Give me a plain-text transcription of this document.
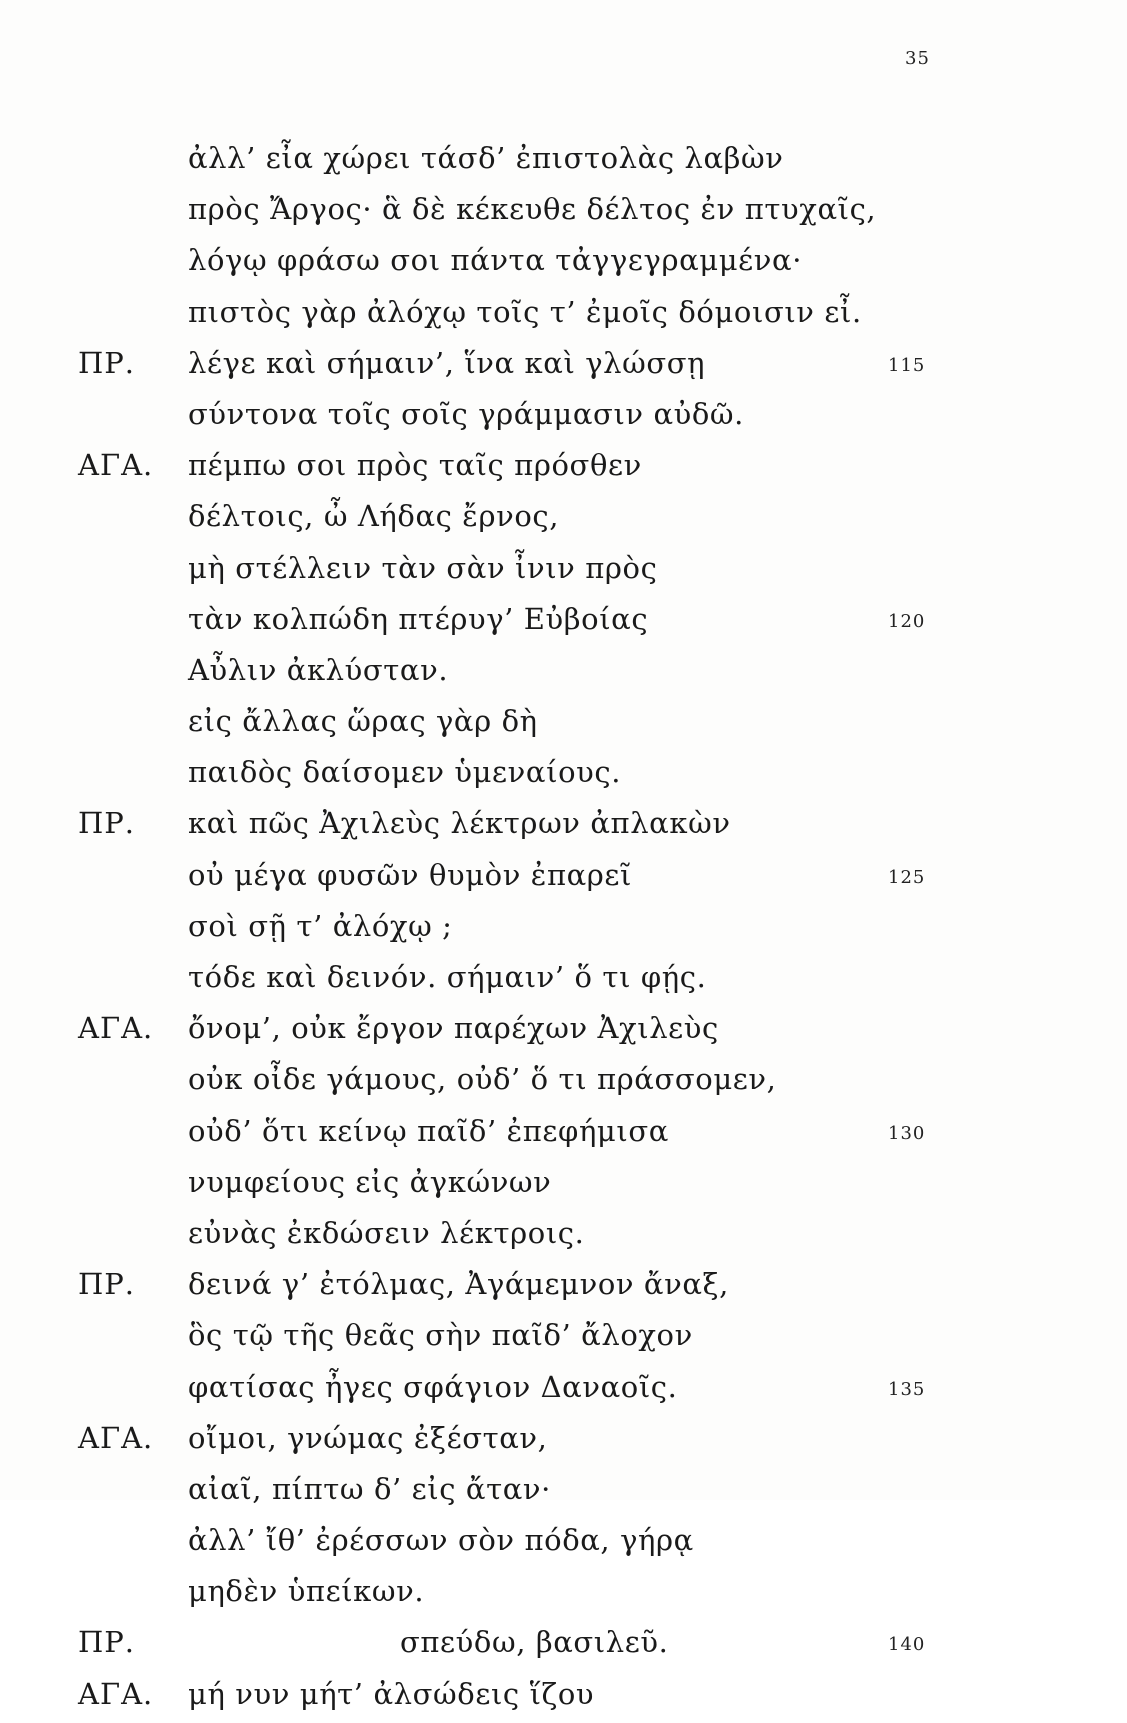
35
ἀλλ’ εἶα χώρει τάσδ’ ἐπιστολὰς λαβὼν
πρὸς Ἄργος· ἃ δὲ κέκευθε δέλτος ἐν πτυχαῖς,
λόγῳ φράσω σοι πάντα τἀγγεγραμμένα·
πιστὸς γὰρ ἀλόχῳ τοῖς τ’ ἐμοῖς δόμοισιν εἶ.
ΠΡ. λέγε καὶ σήμαιν’, ἵνα καὶ γλώσσῃ	115
σύντονα τοῖς σοῖς γράμμασιν αὐδῶ.
ΑΓΑ. πέμπω σοι πρὸς ταῖς πρόσθεν
δέλτοις, ὦ Λήδας ἔρνος,
μὴ στέλλειν τὰν σὰν ἶνιν πρὸς
τὰν κολπώδη πτέρυγ’ Εὐβοίας	120
Αὖλιν ἀκλύσταν.
εἰς ἄλλας ὥρας γὰρ δὴ
παιδὸς δαίσομεν ὑμεναίους.
ΠΡ. καὶ πῶς Ἀχιλεὺς λέκτρων ἀπλακὼν
οὐ μέγα φυσῶν θυμὸν ἐπαρεῖ	125
σοὶ σῇ τ’ ἀλόχῳ ;
τόδε καὶ δεινόν. σήμαιν’ ὅ τι φῄς.
ΑΓΑ. ὄνομ’, οὐκ ἔργον παρέχων Ἀχιλεὺς
οὐκ οἶδε γάμους, οὐδ’ ὅ τι πράσσομεν,
οὐδ’ ὅτι κείνῳ παῖδ’ ἐπεφήμισα	130
νυμφείους εἰς ἀγκώνων
εὐνὰς ἐκδώσειν λέκτροις.
ΠΡ. δεινά γ’ ἐτόλμας, Ἀγάμεμνον ἄναξ,
ὃς τῷ τῆς θεᾶς σὴν παῖδ’ ἄλοχον
φατίσας ἦγες σφάγιον Δαναοῖς.	135
ΑΓΑ. οἴμοι, γνώμας ἐξέσταν,
αἰαῖ, πίπτω δ’ εἰς ἄταν·
ἀλλ’ ἴθ’ ἐρέσσων σὸν πόδα, γήρᾳ
μηδὲν ὑπείκων.
ΠΡ.	σπεύδω, βασιλεῦ.	140
ΑΓΑ. μή νυν μήτ’ ἀλσώδεις ἵζου
